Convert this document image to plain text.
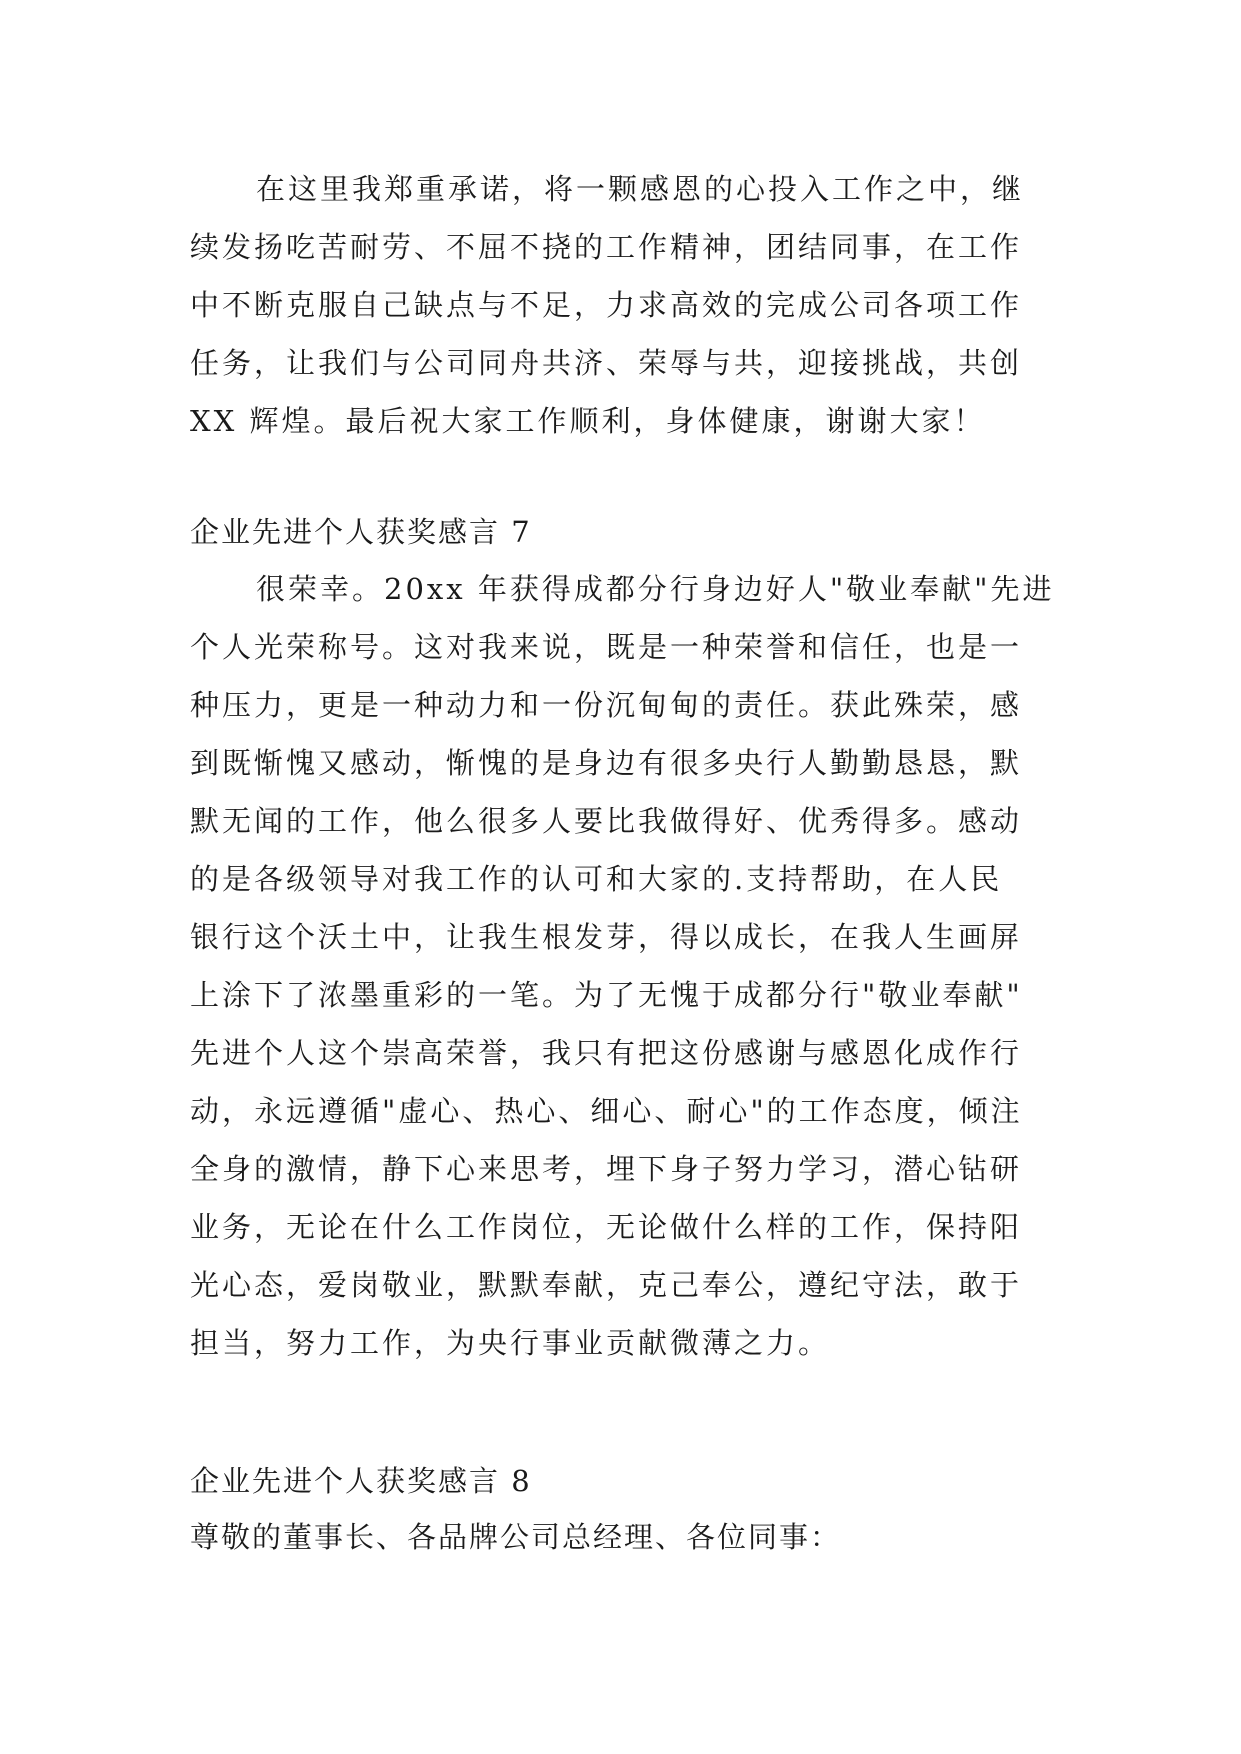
在这里我郑重承诺，将一颗感恩的心投入工作之中，继
续发扬吃苦耐劳、不屈不挠的工作精神，团结同事，在工作
中不断克服自己缺点与不足，力求高效的完成公司各项工作
任务，让我们与公司同舟共济、荣辱与共，迎接挑战，共创
XX 辉煌。最后祝大家工作顺利，身体健康，谢谢大家！
企业先进个人获奖感言 7
很荣幸。20xx 年获得成都分行身边好人"敬业奉献"先进
个人光荣称号。这对我来说，既是一种荣誉和信任，也是一
种压力，更是一种动力和一份沉甸甸的责任。获此殊荣，感
到既惭愧又感动，惭愧的是身边有很多央行人勤勤恳恳，默
默无闻的工作，他么很多人要比我做得好、优秀得多。感动
的是各级领导对我工作的认可和大家的.支持帮助，在人民
银行这个沃土中，让我生根发芽，得以成长，在我人生画屏
上涂下了浓墨重彩的一笔。为了无愧于成都分行"敬业奉献"
先进个人这个崇高荣誉，我只有把这份感谢与感恩化成作行
动，永远遵循"虚心、热心、细心、耐心"的工作态度，倾注
全身的激情，静下心来思考，埋下身子努力学习，潜心钻研
业务，无论在什么工作岗位，无论做什么样的工作，保持阳
光心态，爱岗敬业，默默奉献，克己奉公，遵纪守法，敢于
担当，努力工作，为央行事业贡献微薄之力。
企业先进个人获奖感言 8
尊敬的董事长、各品牌公司总经理、各位同事：
